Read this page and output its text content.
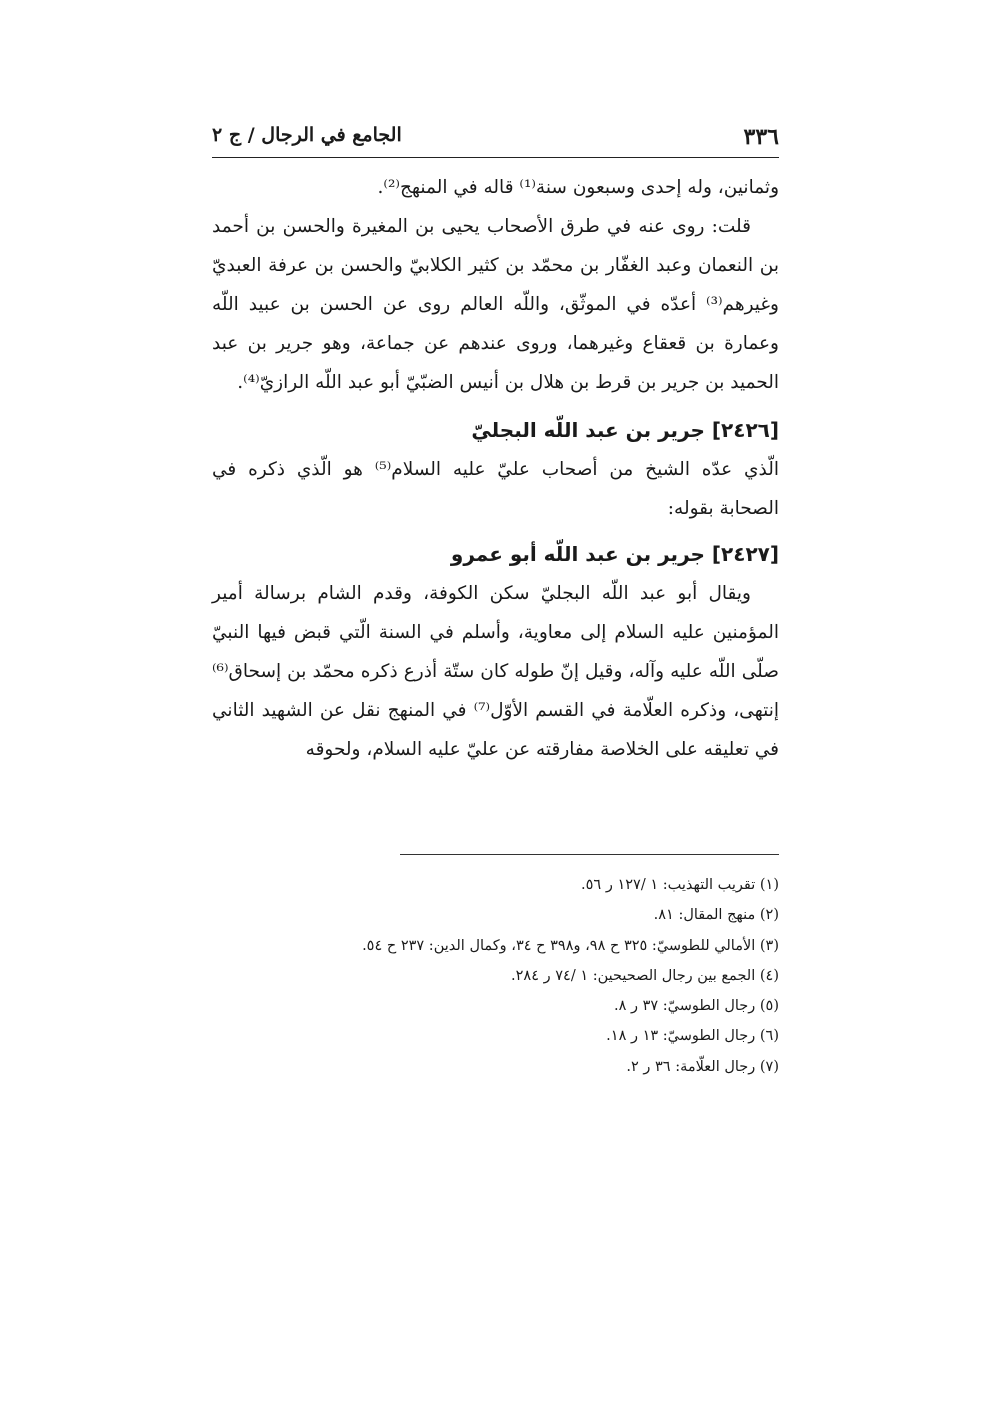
٣٣٦
الجامع في الرجال / ج ٢

وثمانين، وله إحدى وسبعون سنة⁽¹⁾ قاله في المنهج⁽²⁾.

قلت: روى عنه في طرق الأصحاب يحيى بن المغيرة والحسن بن أحمد بن النعمان وعبد الغفّار بن محمّد بن كثير الكلابيّ والحسن بن عرفة العبديّ وغيرهم⁽³⁾ أعدّه في الموثّق، واللّه العالم روى عن الحسن بن عبيد اللّه وعمارة بن قعقاع وغيرهما، وروى عندهم عن جماعة، وهو جرير بن عبد الحميد بن جرير بن قرط بن هلال بن أنيس الضبّيّ أبو عبد اللّه الرازيّ⁽⁴⁾.

[٢٤٢٦] جرير بن عبد اللّه البجليّ

الّذي عدّه الشيخ من أصحاب عليّ عليه السلام⁽⁵⁾ هو الّذي ذكره في الصحابة بقوله:

[٢٤٢٧] جرير بن عبد اللّه أبو عمرو

ويقال أبو عبد اللّه البجليّ سكن الكوفة، وقدم الشام برسالة أمير المؤمنين عليه السلام إلى معاوية، وأسلم في السنة الّتي قبض فيها النبيّ صلّى اللّه عليه وآله، وقيل إنّ طوله كان ستّة أذرع ذكره محمّد بن إسحاق⁽⁶⁾ إنتهى، وذكره العلّامة في القسم الأوّل⁽⁷⁾ في المنهج نقل عن الشهيد الثاني في تعليقه على الخلاصة مفارقته عن عليّ عليه السلام، ولحوقه

(١) تقريب التهذيب: ١ /١٢٧ ر ٥٦.

(٢) منهج المقال: ٨١.

(٣) الأمالي للطوسيّ: ٣٢٥ ح ٩٨، و٣٩٨ ح ٣٤، وكمال الدين: ٢٣٧ ح ٥٤.

(٤) الجمع بين رجال الصحيحين: ١ /٧٤ ر ٢٨٤.

(٥) رجال الطوسيّ: ٣٧ ر ٨.

(٦) رجال الطوسيّ: ١٣ ر ١٨.

(٧) رجال العلّامة: ٣٦ ر ٢.
